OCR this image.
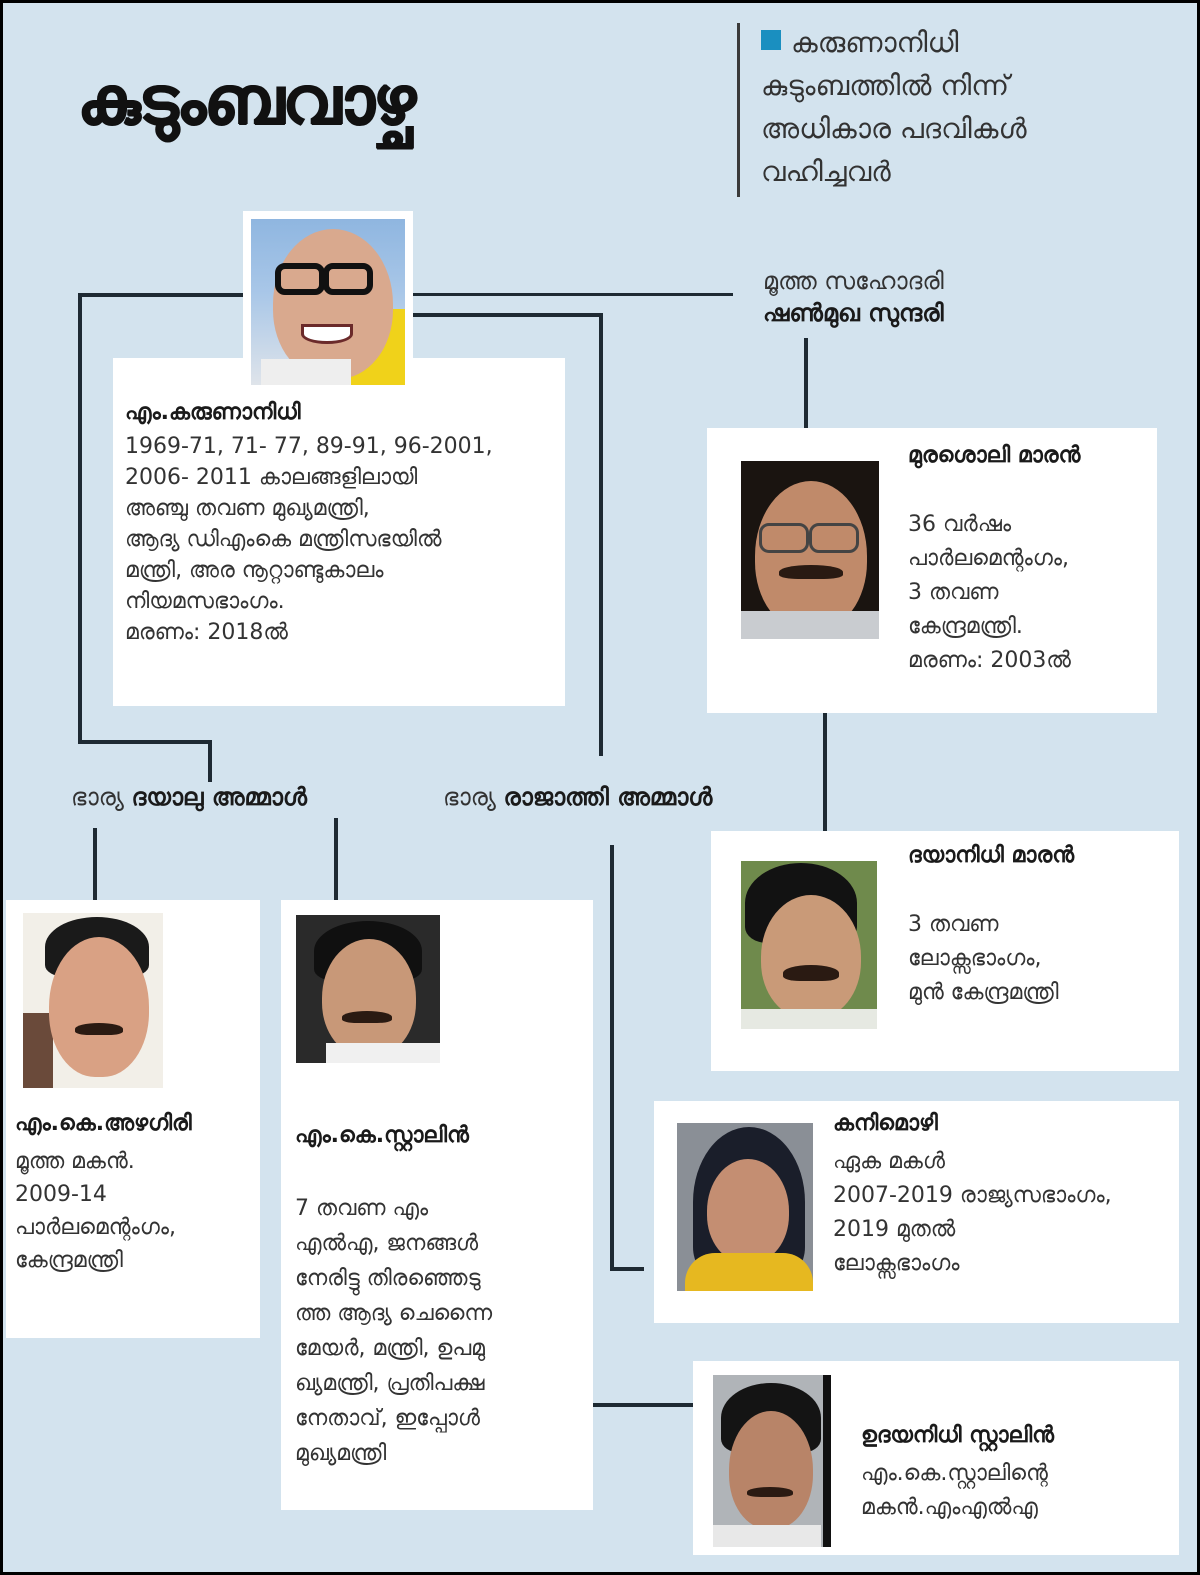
കുടുംബവാഴ്ച
കരുണാനിധി
കുടുംബത്തിൽ നിന്ന്
അധികാര പദവികൾ
വഹിച്ചവർ
എം.കരുണാനിധി
1969-71, 71- 77, 89-91, 96-2001,
2006- 2011 കാലങ്ങളിലായി
അഞ്ചു തവണ മുഖ്യമന്ത്രി,
ആദ്യ ഡിഎംകെ മന്ത്രിസഭയിൽ
മന്ത്രി, അര നൂറ്റാണ്ടുകാലം
നിയമസഭാംഗം.
മരണം: 2018ൽ
മൂത്ത സഹോദരി
ഷൺമുഖ സുന്ദരി
മുരശൊലി മാരൻ
36 വർഷം
പാർലമെന്റംഗം,
3 തവണ
കേന്ദ്രമന്ത്രി.
മരണം: 2003ൽ
ഭാര്യ ദയാലു അമ്മാൾ	ഭാര്യ രാജാത്തി അമ്മാൾ
ദയാനിധി മാരൻ
3 തവണ
ലോക്സഭാംഗം,
മുൻ കേന്ദ്രമന്ത്രി
എം.കെ.അഴഗിരി
മൂത്ത മകൻ.
2009-14
പാർലമെന്റംഗം,
കേന്ദ്രമന്ത്രി
എം.കെ.സ്റ്റാലിൻ
7 തവണ എം
എൽഎ, ജനങ്ങൾ
നേരിട്ടു തിരഞ്ഞെടു
ത്ത ആദ്യ ചെന്നൈ
മേയർ, മന്ത്രി, ഉപമു
ഖ്യമന്ത്രി, പ്രതിപക്ഷ
നേതാവ്, ഇപ്പോൾ
മുഖ്യമന്ത്രി
കനിമൊഴി
ഏക മകൾ
2007-2019 രാജ്യസഭാംഗം,
2019 മുതൽ
ലോക്സഭാംഗം
ഉദയനിധി സ്റ്റാലിൻ
എം.കെ.സ്റ്റാലിന്റെ
മകൻ.എംഎൽഎ
